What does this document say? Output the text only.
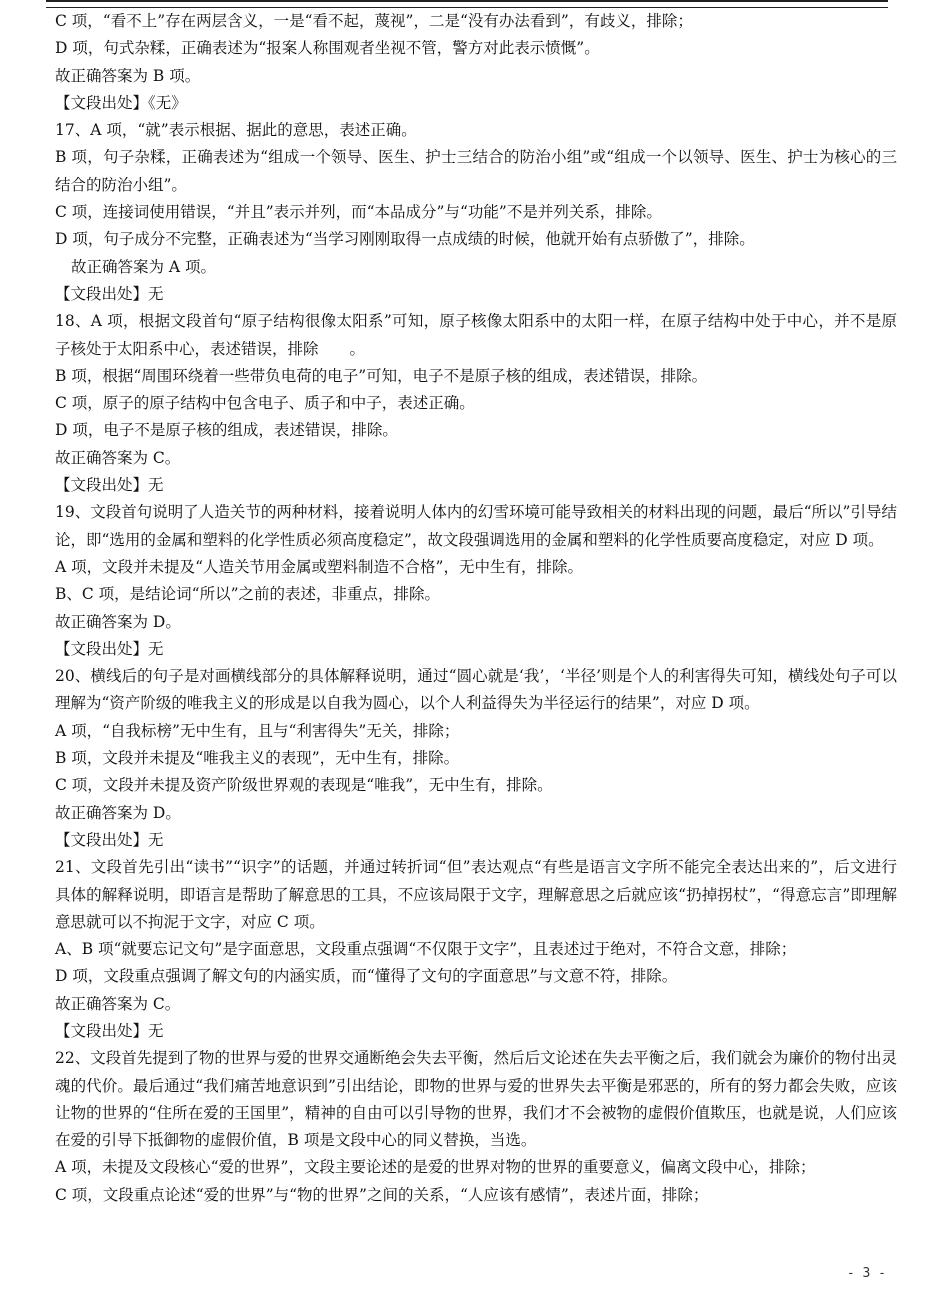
C 项，“看不上”存在两层含义，一是“看不起，蔑视”，二是“没有办法看到”，有歧义，排除；
D 项，句式杂糅，正确表述为“报案人称围观者坐视不管，警方对此表示愤慨”。
故正确答案为 B 项。
【文段出处】《无》
17、A 项，“就”表示根据、据此的意思，表述正确。
B 项，句子杂糅，正确表述为“组成一个领导、医生、护士三结合的防治小组”或“组成一个以领导、医生、护士为核心的三结合的防治小组”。
C 项，连接词使用错误，“并且”表示并列，而“本品成分”与“功能”不是并列关系，排除。
D 项，句子成分不完整，正确表述为“当学习刚刚取得一点成绩的时候，他就开始有点骄傲了”，排除。
故正确答案为 A 项。
【文段出处】无
18、A 项，根据文段首句“原子结构很像太阳系”可知，原子核像太阳系中的太阳一样，在原子结构中处于中心，并不是原子核处于太阳系中心，表述错误，排除　　。
B 项，根据“周围环绕着一些带负电荷的电子”可知，电子不是原子核的组成，表述错误，排除。
C 项，原子的原子结构中包含电子、质子和中子，表述正确。
D 项，电子不是原子核的组成，表述错误，排除。
故正确答案为 C。
【文段出处】无
19、文段首句说明了人造关节的两种材料，接着说明人体内的幻雪环境可能导致相关的材料出现的问题，最后“所以”引导结论，即“选用的金属和塑料的化学性质必须高度稳定”，故文段强调选用的金属和塑料的化学性质要高度稳定，对应 D 项。
A 项，文段并未提及“人造关节用金属或塑料制造不合格”，无中生有，排除。
B、C 项，是结论词“所以”之前的表述，非重点，排除。
故正确答案为 D。
【文段出处】无
20、横线后的句子是对画横线部分的具体解释说明，通过“圆心就是‘我’，‘半径’则是个人的利害得失可知，横线处句子可以理解为“资产阶级的唯我主义的形成是以自我为圆心，以个人利益得失为半径运行的结果”，对应 D 项。
A 项，“自我标榜”无中生有，且与“利害得失”无关，排除；
B 项，文段并未提及“唯我主义的表现”，无中生有，排除。
C 项，文段并未提及资产阶级世界观的表现是“唯我”，无中生有，排除。
故正确答案为 D。
【文段出处】无
21、文段首先引出“读书”“识字”的话题，并通过转折词“但”表达观点“有些是语言文字所不能完全表达出来的”，后文进行具体的解释说明，即语言是帮助了解意思的工具，不应该局限于文字，理解意思之后就应该“扔掉拐杖”，“得意忘言”即理解意思就可以不拘泥于文字，对应 C 项。
A、B 项“就要忘记文句”是字面意思，文段重点强调“不仅限于文字”，且表述过于绝对，不符合文意，排除；
D 项，文段重点强调了解文句的内涵实质，而“懂得了文句的字面意思”与文意不符，排除。
故正确答案为 C。
【文段出处】无
22、文段首先提到了物的世界与爱的世界交通断绝会失去平衡，然后后文论述在失去平衡之后，我们就会为廉价的物付出灵魂的代价。最后通过“我们痛苦地意识到”引出结论，即物的世界与爱的世界失去平衡是邪恶的，所有的努力都会失败，应该让物的世界的“住所在爱的王国里”，精神的自由可以引导物的世界，我们才不会被物的虚假价值欺压，也就是说，人们应该在爱的引导下抵御物的虚假价值，B 项是文段中心的同义替换，当选。
A 项，未提及文段核心“爱的世界”，文段主要论述的是爱的世界对物的世界的重要意义，偏离文段中心，排除；
C 项，文段重点论述“爱的世界”与“物的世界”之间的关系，“人应该有感情”，表述片面，排除；
- 3 -
